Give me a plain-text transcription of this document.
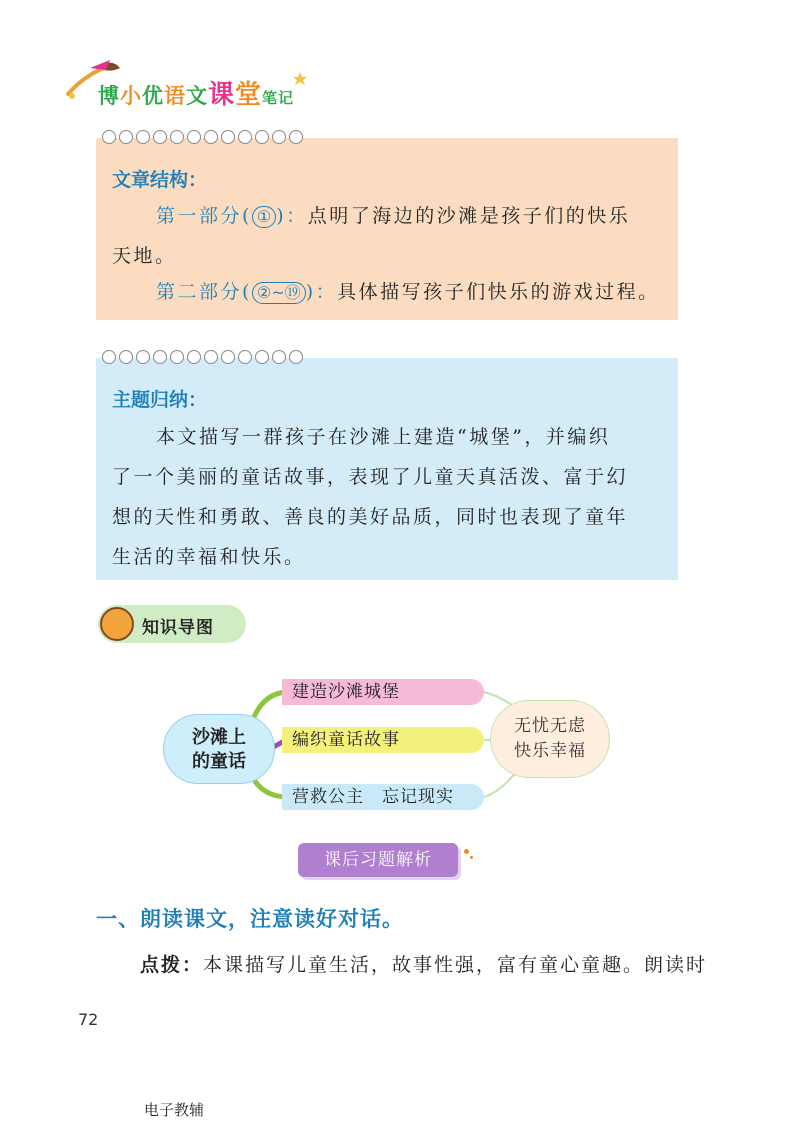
博小优语文课堂笔记
文章结构：

第一部分( ① )：点明了海边的沙滩是孩子们的快乐
天地。

第二部分( ②~⑲ )：具体描写孩子们快乐的游戏过程。

主题归纳：

本文描写一群孩子在沙滩上建造“城堡”，并编织
了一个美丽的童话故事，表现了儿童天真活泼、富于幻
想的天性和勇敢、善良的美好品质，同时也表现了童年
生活的幸福和快乐。

知识导图
沙滩上
的童话
建造沙滩城堡
编织童话故事
营救公主　忘记现实
无忧无虑
快乐幸福
课后习题解析
一、朗读课文，注意读好对话。
点拨：本课描写儿童生活，故事性强，富有童心童趣。朗读时
72
电子教辅
